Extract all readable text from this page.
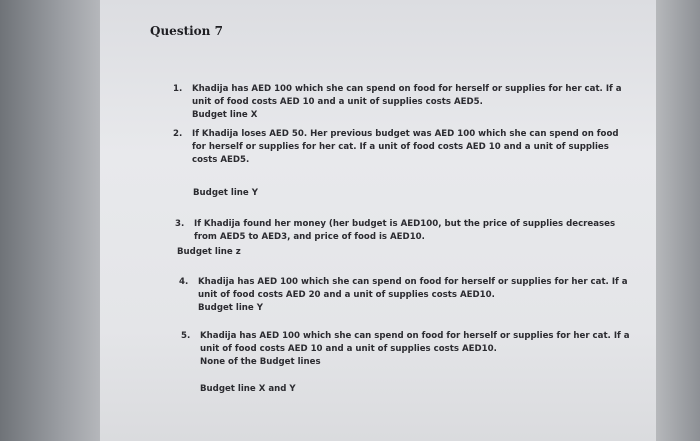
Question 7
1. Khadija has AED 100 which she can spend on food for herself or supplies for her cat. If a
unit of food costs AED 10 and a unit of supplies costs AED5.
Budget line X
2. If Khadija loses AED 50. Her previous budget was AED 100 which she can spend on food
for herself or supplies for her cat. If a unit of food costs AED 10 and a unit of supplies
costs AED5.
Budget line Y
3. If Khadija found her money (her budget is AED100, but the price of supplies decreases
from AED5 to AED3, and price of food is AED10.
Budget line z
4. Khadija has AED 100 which she can spend on food for herself or supplies for her cat. If a
unit of food costs AED 20 and a unit of supplies costs AED10.
Budget line Y
5. Khadija has AED 100 which she can spend on food for herself or supplies for her cat. If a
unit of food costs AED 10 and a unit of supplies costs AED10.
None of the Budget lines
Budget line X and Y
